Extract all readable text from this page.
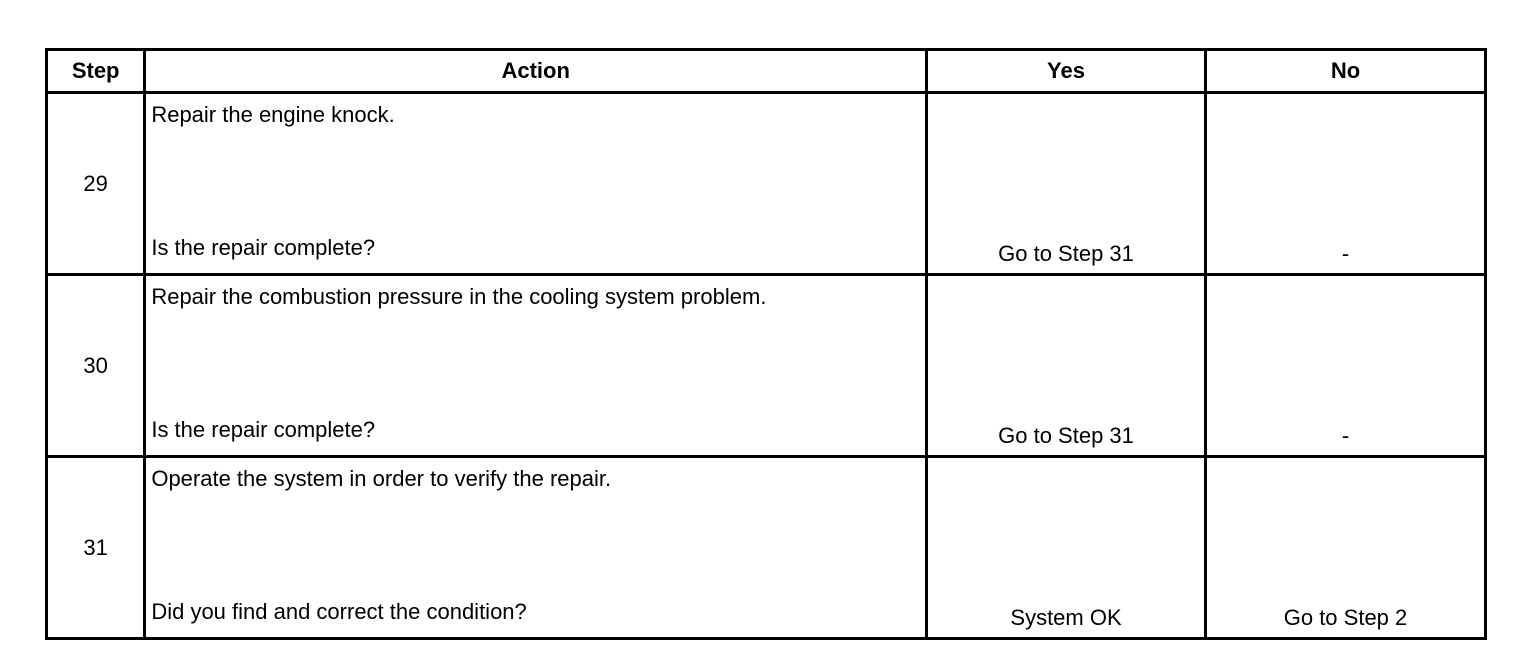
Step	Action	Yes	No
29	Repair the engine knock.
Is the repair complete?	Go to Step 31	-
30	Repair the combustion pressure in the cooling system problem.
Is the repair complete?	Go to Step 31	-
31	Operate the system in order to verify the repair.
Did you find and correct the condition?	System OK	Go to Step 2
